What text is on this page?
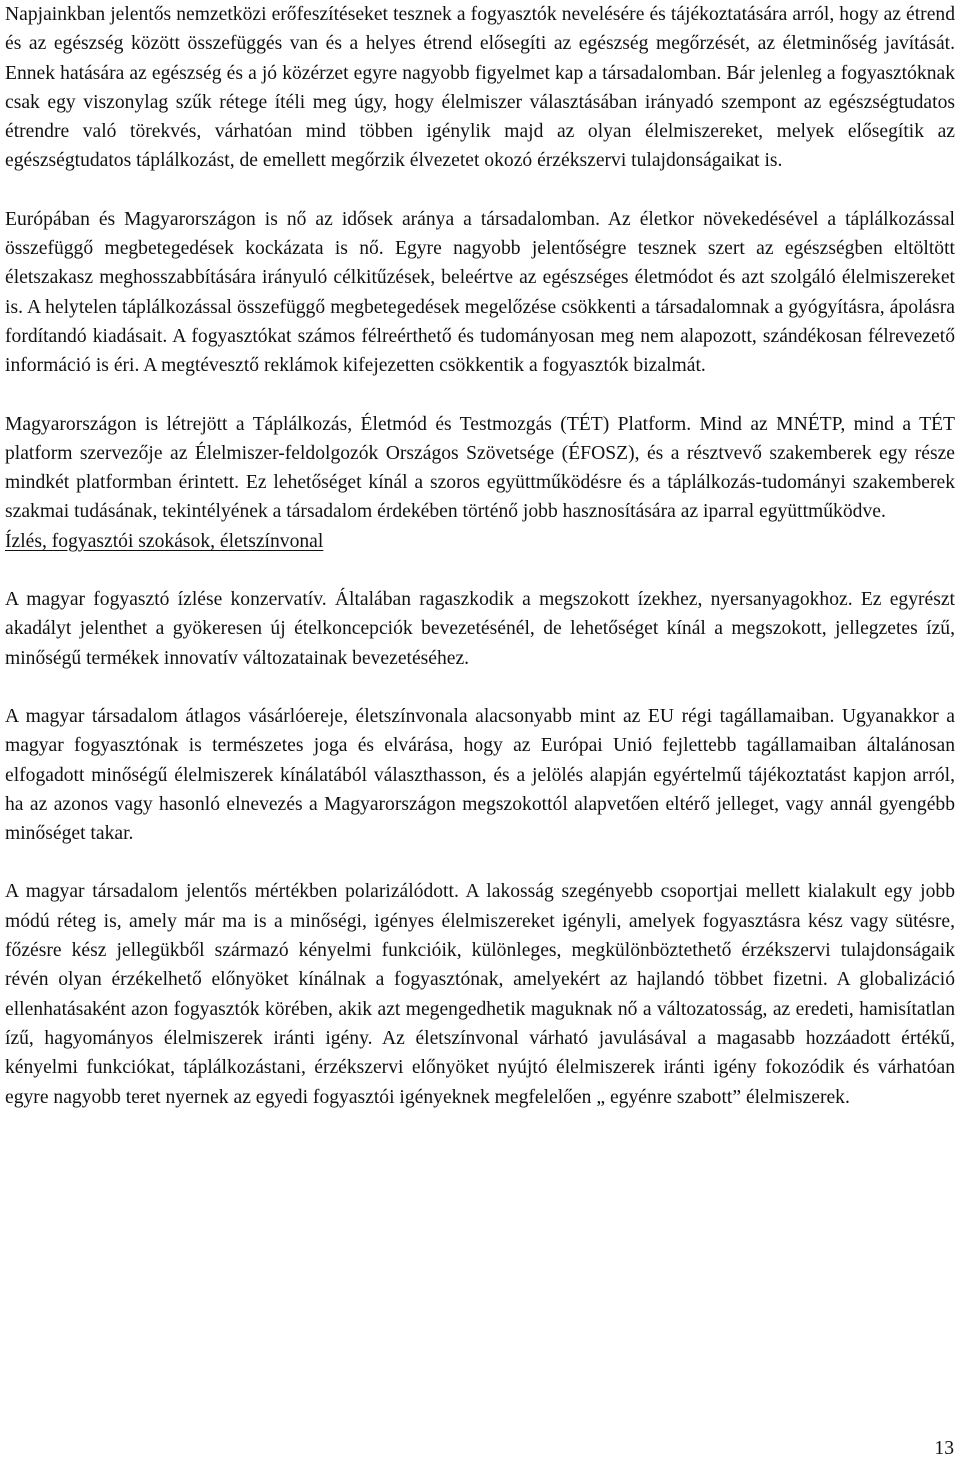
Napjainkban jelentős nemzetközi erőfeszítéseket tesznek a fogyasztók nevelésére és tájékoztatására arról, hogy az étrend és az egészség között összefüggés van és a helyes étrend elősegíti az egészség megőrzését, az életminőség javítását. Ennek hatására az egészség és a jó közérzet egyre nagyobb figyelmet kap a társadalomban. Bár jelenleg a fogyasztóknak csak egy viszonylag szűk rétege ítéli meg úgy, hogy élelmiszer választásában irányadó szempont az egészségtudatos étrendre való törekvés, várhatóan mind többen igénylik majd az olyan élelmiszereket, melyek elősegítik az egészségtudatos táplálkozást, de emellett megőrzik élvezetet okozó érzékszervi tulajdonságaikat is.

Európában és Magyarországon is nő az idősek aránya a társadalomban. Az életkor növekedésével a táplálkozással összefüggő megbetegedések kockázata is nő. Egyre nagyobb jelentőségre tesznek szert az egészségben eltöltött életszakasz meghosszabbítására irányuló célkitűzések, beleértve az egészséges életmódot és azt szolgáló élelmiszereket is. A helytelen táplálkozással összefüggő megbetegedések megelőzése csökkenti a társadalomnak a gyógyításra, ápolásra fordítandó kiadásait. A fogyasztókat számos félreérthető és tudományosan meg nem alapozott, szándékosan félrevezető információ is éri. A megtévesztő reklámok kifejezetten csökkentik a fogyasztók bizalmát.

Magyarországon is létrejött a Táplálkozás, Életmód és Testmozgás (TÉT) Platform. Mind az MNÉTP, mind a TÉT platform szervezője az Élelmiszer-feldolgozók Országos Szövetsége (ÉFOSZ), és a résztvevő szakemberek egy része mindkét platformban érintett. Ez lehetőséget kínál a szoros együttműködésre és a táplálkozás-tudományi szakemberek szakmai tudásának, tekintélyének a társadalom érdekében történő jobb hasznosítására az iparral együttműködve.

Ízlés, fogyasztói szokások, életszínvonal

A magyar fogyasztó ízlése konzervatív. Általában ragaszkodik a megszokott ízekhez, nyersanyagokhoz. Ez egyrészt akadályt jelenthet a gyökeresen új ételkoncepciók bevezetésénél, de lehetőséget kínál a megszokott, jellegzetes ízű, minőségű termékek innovatív változatainak bevezetéséhez.

A magyar társadalom átlagos vásárlóereje, életszínvonala alacsonyabb mint az EU régi tagállamaiban. Ugyanakkor a magyar fogyasztónak is természetes joga és elvárása, hogy az Európai Unió fejlettebb tagállamaiban általánosan elfogadott minőségű élelmiszerek kínálatából választhasson, és a jelölés alapján egyértelmű tájékoztatást kapjon arról, ha az azonos vagy hasonló elnevezés a Magyarországon megszokottól alapvetően eltérő jelleget, vagy annál gyengébb minőséget takar.

A magyar társadalom jelentős mértékben polarizálódott. A lakosság szegényebb csoportjai mellett kialakult egy jobb módú réteg is, amely már ma is a minőségi, igényes élelmiszereket igényli, amelyek fogyasztásra kész vagy sütésre, főzésre kész jellegükből származó kényelmi funkcióik, különleges, megkülönböztethető érzékszervi tulajdonságaik révén olyan érzékelhető előnyöket kínálnak a fogyasztónak, amelyekért az hajlandó többet fizetni. A globalizáció ellenhatásaként azon fogyasztók körében, akik azt megengedhetik maguknak nő a változatosság, az eredeti, hamisítatlan ízű, hagyományos élelmiszerek iránti igény. Az életszínvonal várható javulásával a magasabb hozzáadott értékű, kényelmi funkciókat, táplálkozástani, érzékszervi előnyöket nyújtó élelmiszerek iránti igény fokozódik és várhatóan egyre nagyobb teret nyernek az egyedi fogyasztói igényeknek megfelelően „ egyénre szabott” élelmiszerek.

13
